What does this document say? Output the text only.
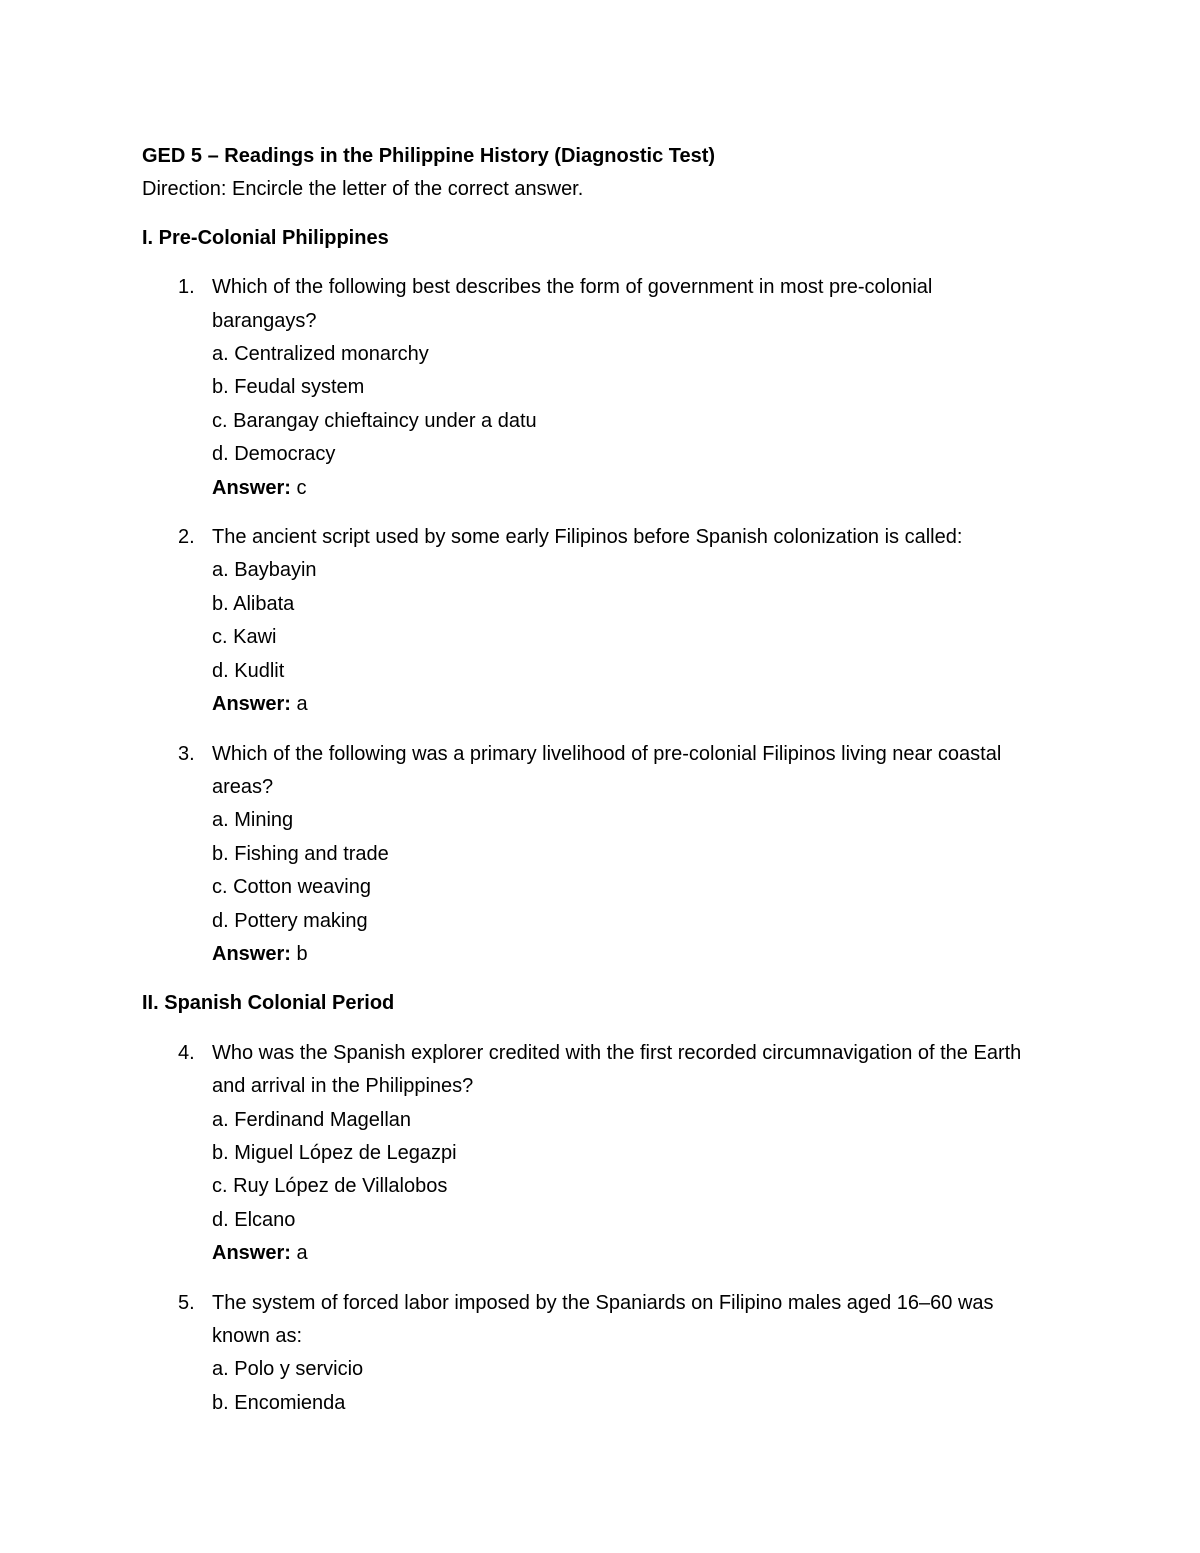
GED 5 – Readings in the Philippine History (Diagnostic Test)
Direction: Encircle the letter of the correct answer.
I. Pre-Colonial Philippines
1. Which of the following best describes the form of government in most pre-colonial barangays?
a. Centralized monarchy
b. Feudal system
c. Barangay chieftaincy under a datu
d. Democracy
Answer: c
2. The ancient script used by some early Filipinos before Spanish colonization is called:
a. Baybayin
b. Alibata
c. Kawi
d. Kudlit
Answer: a
3. Which of the following was a primary livelihood of pre-colonial Filipinos living near coastal areas?
a. Mining
b. Fishing and trade
c. Cotton weaving
d. Pottery making
Answer: b
II. Spanish Colonial Period
4. Who was the Spanish explorer credited with the first recorded circumnavigation of the Earth and arrival in the Philippines?
a. Ferdinand Magellan
b. Miguel López de Legazpi
c. Ruy López de Villalobos
d. Elcano
Answer: a
5. The system of forced labor imposed by the Spaniards on Filipino males aged 16–60 was known as:
a. Polo y servicio
b. Encomienda
